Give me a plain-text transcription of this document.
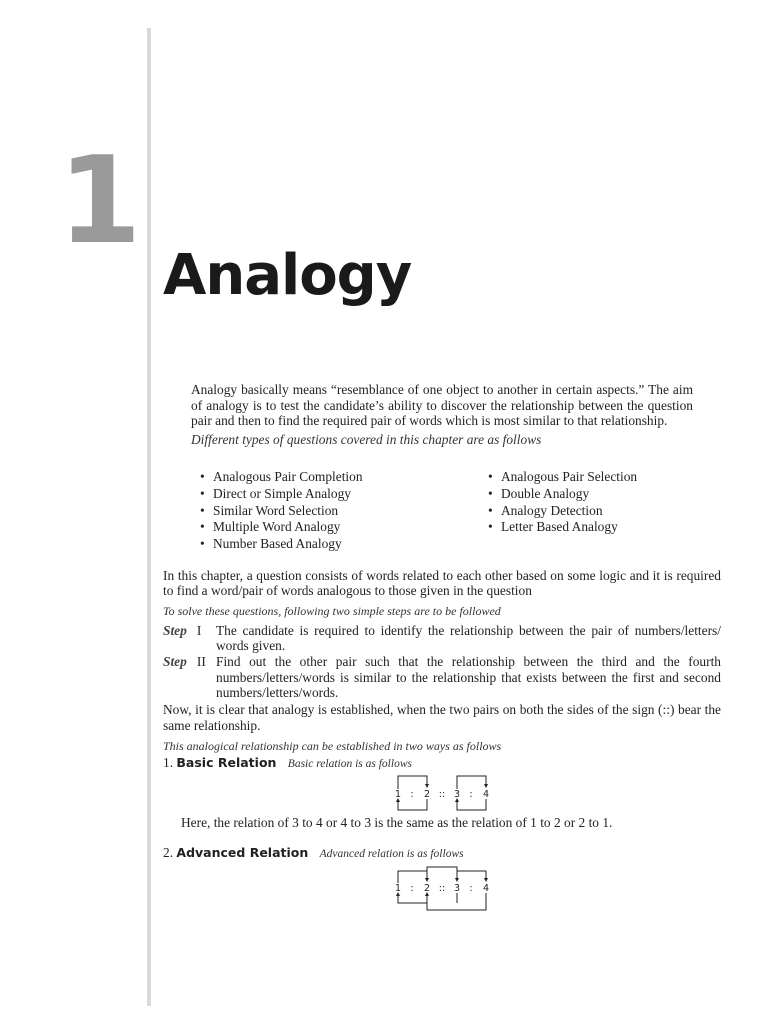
1
Analogy

Analogy basically means “resemblance of one object to another in certain aspects.” The aim of analogy is to test the candidate’s ability to discover the relationship between the question pair and then to find the required pair of words which is most similar to that relationship.

Different types of questions covered in this chapter are as follows

• Analogous Pair Completion
• Direct or Simple Analogy
• Similar Word Selection
• Multiple Word Analogy
• Number Based Analogy
• Analogous Pair Selection
• Double Analogy
• Analogy Detection
• Letter Based Analogy

In this chapter, a question consists of words related to each other based on some logic and it is required to find a word/pair of words analogous to those given in the question

To solve these questions, following two simple steps are to be followed

Step I	The candidate is required to identify the relationship between the pair of numbers/letters/ words given.
Step II Find out the other pair such that the relationship between the third and the fourth numbers/letters/words is similar to the relationship that exists between the first and second numbers/letters/words.

Now, it is clear that analogy is established, when the two pairs on both the sides of the sign (::) bear the same relationship.

This analogical relationship can be established in two ways as follows

1. Basic Relation Basic relation is as follows
1 : 2 :: 3 : 4
Here, the relation of 3 to 4 or 4 to 3 is the same as the relation of 1 to 2 or 2 to 1.
2. Advanced Relation Advanced relation is as follows
1 : 2 :: 3 : 4
